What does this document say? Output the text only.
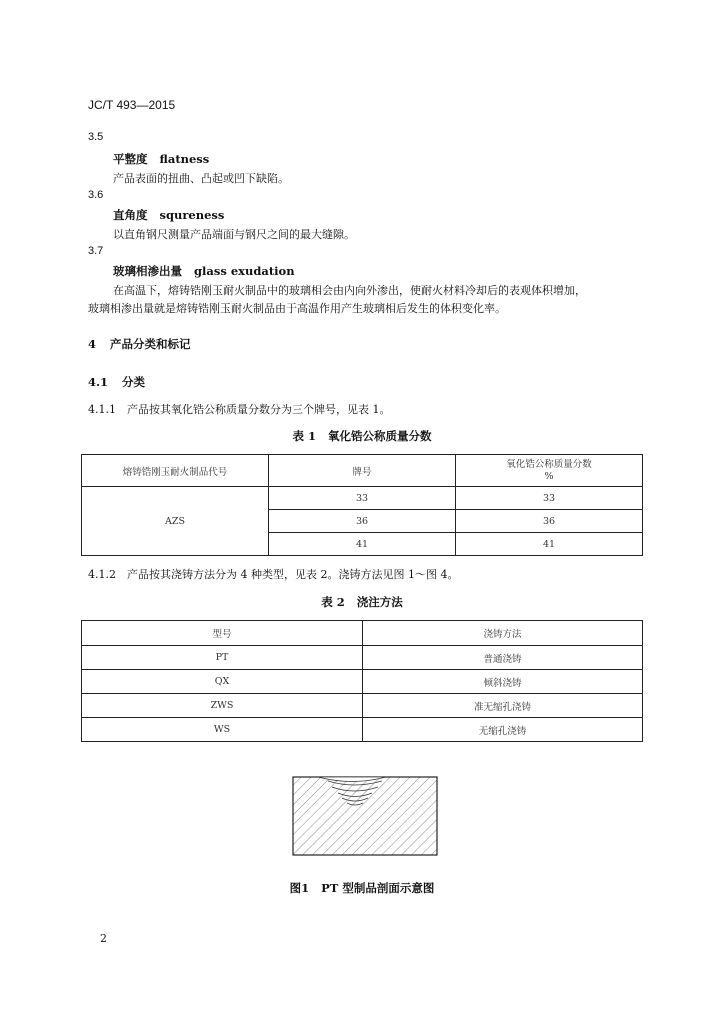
JC/T 493—2015
3.5
平整度 flatness
产品表面的扭曲、凸起或凹下缺陷。
3.6
直角度 squreness
以直角钢尺测量产品端面与钢尺之间的最大缝隙。
3.7
玻璃相渗出量 glass exudation
在高温下，熔铸锆刚玉耐火制品中的玻璃相会由内向外渗出，使耐火材料冷却后的表观体积增加，
玻璃相渗出量就是熔铸锆刚玉耐火制品由于高温作用产生玻璃相后发生的体积变化率。
4 产品分类和标记
4.1 分类
4.1.1　产品按其氧化锆公称质量分数分为三个牌号，见表 1。
表 1 氧化锆公称质量分数
熔铸锆刚玉耐火制品代号	牌号	氧化锆公称质量分数
%

AZS	33	33
	36	36
	41	41
4.1.2　产品按其浇铸方法分为 4 种类型，见表 2。浇铸方法见图 1～图 4。
表 2 浇注方法
型号	浇铸方法
PT	普通浇铸
QX	倾斜浇铸
ZWS	准无缩孔浇铸
WS	无缩孔浇铸
图1 PT 型制品剖面示意图
2
